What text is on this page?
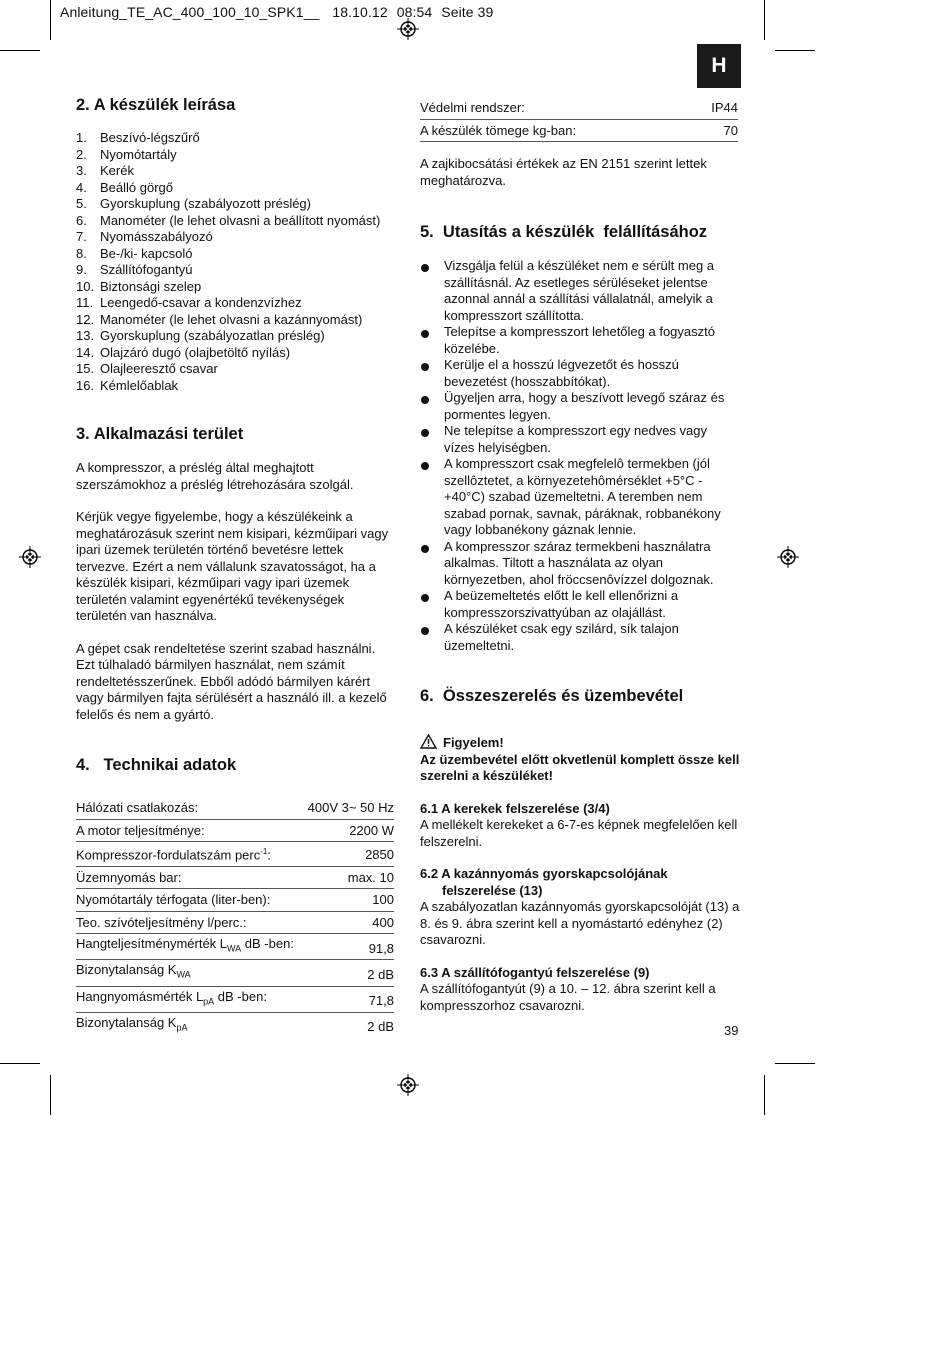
Anleitung_TE_AC_400_100_10_SPK1__ 18.10.12 08:54 Seite 39
H
2. A készülék leírása
1.	Beszívó-légszűrő
2.	Nyomótartály
3.	Kerék
4.	Beálló görgő
5.	Gyorskuplung (szabályozott préslég)
6.	Manométer (le lehet olvasni a beállított nyomást)
7.	Nyomásszabályozó
8.	Be-/ki- kapcsoló
9.	Szállítófogantyú
10. Biztonsági szelep
11. Leengedő-csavar a kondenzvízhez
12. Manométer (le lehet olvasni a kazánnyomást)
13. Gyorskuplung (szabályozatlan préslég)
14. Olajzáró dugó (olajbetöltő nyílás)
15. Olajleeresztő csavar
16. Kémlelőablak
3. Alkalmazási terület

A kompresszor, a préslég által meghajtott szerszámokhoz a préslég létrehozására szolgál.

Kérjük vegye figyelembe, hogy a készülékeink a meghatározásuk szerint nem kisipari, kézműipari vagy ipari üzemek területén történő bevetésre lettek tervezve. Ezért a nem vállalunk szavatosságot, ha a készülék kisipari, kézműipari vagy ipari üzemek területén valamint egyenértékű tevékenységek területén van használva.

A gépet csak rendeltetése szerint szabad használni. Ezt túlhaladó bármilyen használat, nem számít rendeltetésszerűnek. Ebből adódó bármilyen kárért vagy bármilyen fajta sérülésért a használó ill. a kezelő felelős és nem a gyártó.

4.   Technikai adatok
Hálózati csatlakozás:	400V 3~ 50 Hz
A motor teljesítménye:	2200 W
Kompresszor-fordulatszám perc$^{-1}$:	2850
Üzemnyomás bar:	max. 10
Nyomótartály térfogata (liter-ben):	100
Teo. szívóteljesítmény l/perc.:	400
Hangteljesítménymérték $L_{WA}$ dB -ben:	91,8
Bizonytalanság $K_{WA}$	2 dB
Hangnyomásmérték $L_{pA}$ dB -ben:	71,8
Bizonytalanság $K_{pA}$	2 dB
Védelmi rendszer:	IP44
A készülék tömege kg-ban:	70

A zajkibocsátási értékek az EN 2151 szerint lettek meghatározva.

5.  Utasítás a készülék  felállításához
Vizsgálja felül a készüléket nem e sérült meg a szállításnál. Az esetleges sérüléseket jelentse azonnal annál a szállítási vállalatnál, amelyik a kompresszort szállította.
Telepítse a kompresszort lehetőleg a fogyasztó közelébe.
Kerülje el a hosszú légvezetőt és hosszú bevezetést (hosszabbítókat).
Ügyeljen arra, hogy a beszívott levegő száraz és pormentes legyen.
Ne telepítse a kompresszort egy nedves vagy vízes helyiségben.
A kompresszort csak megfelelô termekben (jól szellôztetet, a környezetehômérséklet +5°C - +40°C) szabad üzemeltetni. A teremben nem szabad pornak, savnak, páráknak, robbanékony vagy lobbanékony gáznak lennie.
A kompresszor száraz termekbeni használatra alkalmas. Tiltott a használata az olyan környezetben, ahol fröccsenôvízzel dolgoznak.
A beüzemeltetés előtt le kell ellenőrizni a kompresszorszivattyúban az olajállást.
A készüléket csak egy szilárd, sík talajon üzemeltetni.
6.  Összeszerelés és üzembevétel
Figyelem!

Az üzembevétel előtt okvetlenül komplett össze kell szerelni a készüléket!

6.1 A kerekek felszerelése (3/4)

A mellékelt kerekeket a 6-7-es képnek megfelelően kell felszerelni.

6.2 A kazánnyomás gyorskapcsolójának

felszerelése (13)

A szabályozatlan kazánnyomás gyorskapcsolóját (13) a 8. és 9. ábra szerint kell a nyomástartó edényhez (2) csavarozni.

6.3 A szállítófogantyú felszerelése (9)

A szállítófogantyút (9) a 10. – 12. ábra szerint kell a kompresszorhoz csavarozni.

39
